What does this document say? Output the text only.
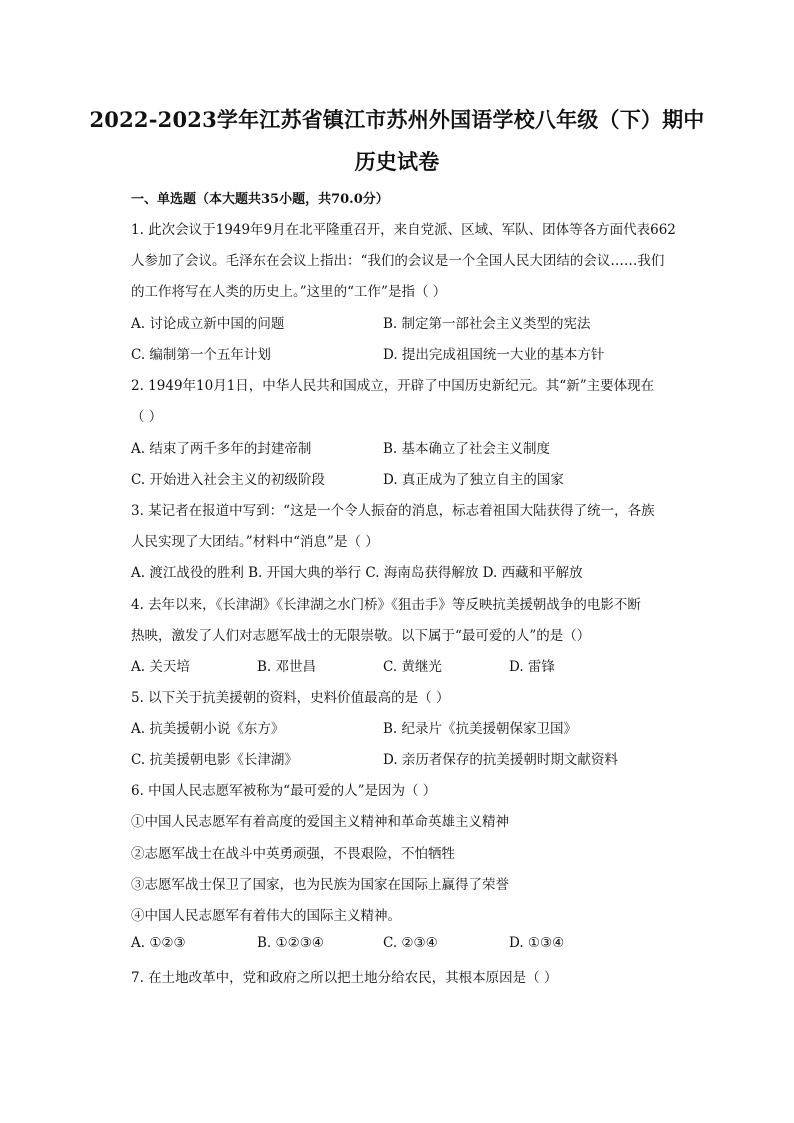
2022-2023学年江苏省镇江市苏州外国语学校八年级（下）期中
历史试卷
一、单选题（本大题共35小题，共70.0分）
1. 此次会议于1949年9月在北平隆重召开，来自党派、区域、军队、团体等各方面代表662
人参加了会议。毛泽东在会议上指出：“我们的会议是一个全国人民大团结的会议……我们
的工作将写在人类的历史上。”这里的“工作”是指（ ）
A. 讨论成立新中国的问题	B. 制定第一部社会主义类型的宪法
C. 编制第一个五年计划	D. 提出完成祖国统一大业的基本方针
2. 1949年10月1日，中华人民共和国成立，开辟了中国历史新纪元。其“新”主要体现在
（ ）
A. 结束了两千多年的封建帝制	B. 基本确立了社会主义制度
C. 开始进入社会主义的初级阶段	D. 真正成为了独立自主的国家
3. 某记者在报道中写到：“这是一个令人振奋的消息，标志着祖国大陆获得了统一，各族
人民实现了大团结。”材料中“消息”是（ ）
A. 渡江战役的胜利 B. 开国大典的举行 C. 海南岛获得解放 D. 西藏和平解放
4. 去年以来，《长津湖》《长津湖之水门桥》《狙击手》等反映抗美援朝战争的电影不断
热映，激发了人们对志愿军战士的无限崇敬。以下属于“最可爱的人”的是（）
A. 关天培	B. 邓世昌	C. 黄继光	D. 雷锋
5. 以下关于抗美援朝的资料，史料价值最高的是（ ）
A. 抗美援朝小说《东方》	B. 纪录片《抗美援朝保家卫国》
C. 抗美援朝电影《长津湖》	D. 亲历者保存的抗美援朝时期文献资料
6. 中国人民志愿军被称为“最可爱的人”是因为（ ）
①中国人民志愿军有着高度的爱国主义精神和革命英雄主义精神
②志愿军战士在战斗中英勇顽强，不畏艰险，不怕牺牲
③志愿军战士保卫了国家，也为民族为国家在国际上赢得了荣誉
④中国人民志愿军有着伟大的国际主义精神。
A. ①②③	B. ①②③④	C. ②③④	D. ①③④
7. 在土地改革中，党和政府之所以把土地分给农民，其根本原因是（ ）
